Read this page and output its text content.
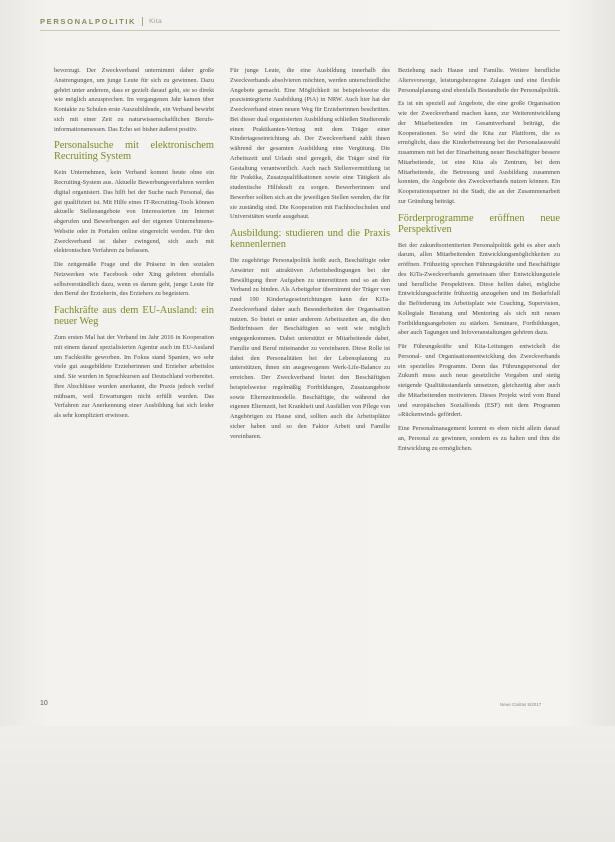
PERSONALPOLITIK Kita

bevorzugt. Der Zweckverband unternimmt daher große Anstrengungen, um junge Leute für sich zu gewinnen. Dazu gehört unter anderem, dass er gezielt darauf geht, sie so direkt wie möglich anzusprechen. Im vergangenen Jahr kamen über Kontakte zu Schulen erste Auszubildende, ein Verband bewirbt sich mit einer Zeit zu naturwissenschaftlichen Berufs-informationsmessen. Das Echo sei bisher äußerst positiv.

Personalsuche mit elektronischem Recruiting System

Kein Unternehmen, kein Verband kommt heute ohne ein Recruiting-System aus. Aktuelle Bewerbungsverfahren werden digital organisiert. Das hilft bei der Suche nach Personal, das gut qualifiziert ist. Mit Hilfe eines IT-Recruiting-Tools können aktuelle Stellenangebote von Interessierten im Internet abgerufen und Bewerbungen auf der eigenen Unternehmens-Website oder in Portalen online eingereicht werden. Für den Zweckverband ist daher zwingend, sich auch mit elektronischen Verfahren zu befassen.

Die zeitgemäße Frage und die Präsenz in den sozialen Netzwerken wie Facebook oder Xing gehören ebenfalls selbstverständlich dazu, wenn es darum geht, junge Leute für den Beruf der Erzieherin, des Erziehers zu begeistern.

Fachkräfte aus dem EU-Ausland: ein neuer Weg

Zum ersten Mal hat der Verband im Jahr 2016 in Kooperation mit einem darauf spezialisierten Agentur auch im EU-Ausland um Fachkräfte geworben. Im Fokus stand Spanien, wo sehr viele gut ausgebildete Erzieherinnen und Erzieher arbeitslos sind. Sie wurden in Sprachkursen auf Deutschland vorbereitet. Ihre Abschlüsse wurden anerkannt, die Praxis jedoch verlief mühsam, weil Erwartungen nicht erfüllt wurden. Das Verfahren zur Anerkennung einer Ausbildung hat sich leider als sehr kompliziert erwiesen.

Für junge Leute, die eine Ausbildung innerhalb des Zweckverbands absolvieren möchten, werden unterschiedliche Angebote gemacht. Eine Möglichkeit ist beispielsweise die praxisintegrierte Ausbildung (PiA) in NRW. Auch hier hat der Zweckverband einen neuen Weg für Erzieherinnen beschritten. Bei dieser dual organisierten Ausbildung schließen Studierende einen Praktikanten-Vertrag mit dem Träger einer Kindertageseinrichtung ab. Der Zweckverband zahlt ihnen während der gesamten Ausbildung eine Vergütung. Die Arbeitszeit und Urlaub sind geregelt, die Träger sind für Gestaltung verantwortlich. Auch nach Stellenvermittlung ist für Praktika, Zusatzqualifikationen sowie eine Tätigkeit als studentische Hilfskraft zu sorgen. Bewerberinnen und Bewerber sollten sich an die jeweiligen Stellen wenden, die für sie zuständig sind. Die Kooperation mit Fachhochschulen und Universitäten wurde ausgebaut.

Ausbildung: studieren und die Praxis kennenlernen

Die zugehörige Personalpolitik heißt auch, Beschäftigte oder Anwärter mit attraktiven Arbeitsbedingungen bei der Bewältigung ihrer Aufgaben zu unterstützen und so an den Verband zu binden. Als Arbeitgeber übernimmt der Träger von rund 190 Kindertageseinrichtungen kann der KiTa-Zweckverband daher auch Besonderheiten der Organisation nutzen. So bietet er unter anderem Arbeitszeiten an, die den Bedürfnissen der Beschäftigten so weit wie möglich entgegenkommen. Dabei unterstützt er Mitarbeitende dabei, Familie und Beruf miteinander zu vereinbaren. Diese Rolle ist dabei den Personalitäten bei der Lebensplanung zu unterstützen, ihnen ein ausgewogenes Werk-Life-Balance zu erreichen. Der Zweckverband bietet den Beschäftigten beispielsweise regelmäßig Fortbildungen, Zusatzangebote sowie Elternzeitmodelle. Beschäftigte, die während der eigenen Elternzeit, bei Krankheit und Ausfällen von Pflege von Angehörigen zu Hause sind, sollten auch die Arbeitsplätze sicher haben und so den Faktor Arbeit und Familie vereinbaren.

Beziehung nach Hause und Familie. Weitere berufliche Altersvorsorge, leistungsbezogene Zulagen und eine flexible Personalplanung sind ebenfalls Bestandteile der Personalpolitik.

Es ist ein speziell auf Angebote, die eine große Organisation wie der Zweckverband machen kann, zur Weiterentwicklung der Mitarbeitenden im Gesamtverband beiträgt, die Kooperationen. So wird die Kita zur Plattform, die es ermöglicht, dass die Kinderbetreuung bei der Personalauswahl zusammen mit bei der Einarbeitung neuer Beschäftigter bessere Mitarbeitende, ist eine Kita als Zentrum, bei dem Mitarbeitende, die Betreuung und Ausbildung zusammen konnten, die Angebote des Zweckverbands nutzen können. Ein Kooperationspartner ist die Stadt, die an der Zusammenarbeit zur Gründung beiträgt.

Förderprogramme eröffnen neue Perspektiven

Bei der zukunftsorientierten Personalpolitik geht es aber auch darum, allen Mitarbeitenden Entwicklungsmöglichkeiten zu eröffnen. Frühzeitig sprechen Führungskräfte und Beschäftigte des KiTa-Zweckverbands gemeinsam über Entwicklungsziele und berufliche Perspektiven. Diese helfen dabei, mögliche Entwicklungsschritte frühzeitig anzugehen und im Bedarfsfall die Beförderung im Arbeitsplatz wie Coaching, Supervision, Kollegiale Beratung und Mentoring als sich mit neuen Fortbildungsangeboten zu stärken. Seminare, Fortbildungen, aber auch Tagungen und Infoveranstaltungen gehören dazu.

Für Führungskräfte und Kita-Leitungen entwickelt die Personal- und Organisationsentwicklung des Zweckverbands ein spezielles Programm. Denn das Führungspersonal der Zukunft muss auch neue gesetzliche Vorgaben und stetig steigende Qualitätsstandards umsetzen, gleichzeitig aber auch die Mitarbeitenden motivieren. Dieses Projekt wird vom Bund und europäischen Sozialfonds (ESF) mit dem Programm »Rückenwind« gefördert.

Eine Personalmanagement kommt es eben nicht allein darauf an, Personal zu gewinnen, sondern es zu halten und ihm die Entwicklung zu ermöglichen.

10	Neue Caritas 5/2017
